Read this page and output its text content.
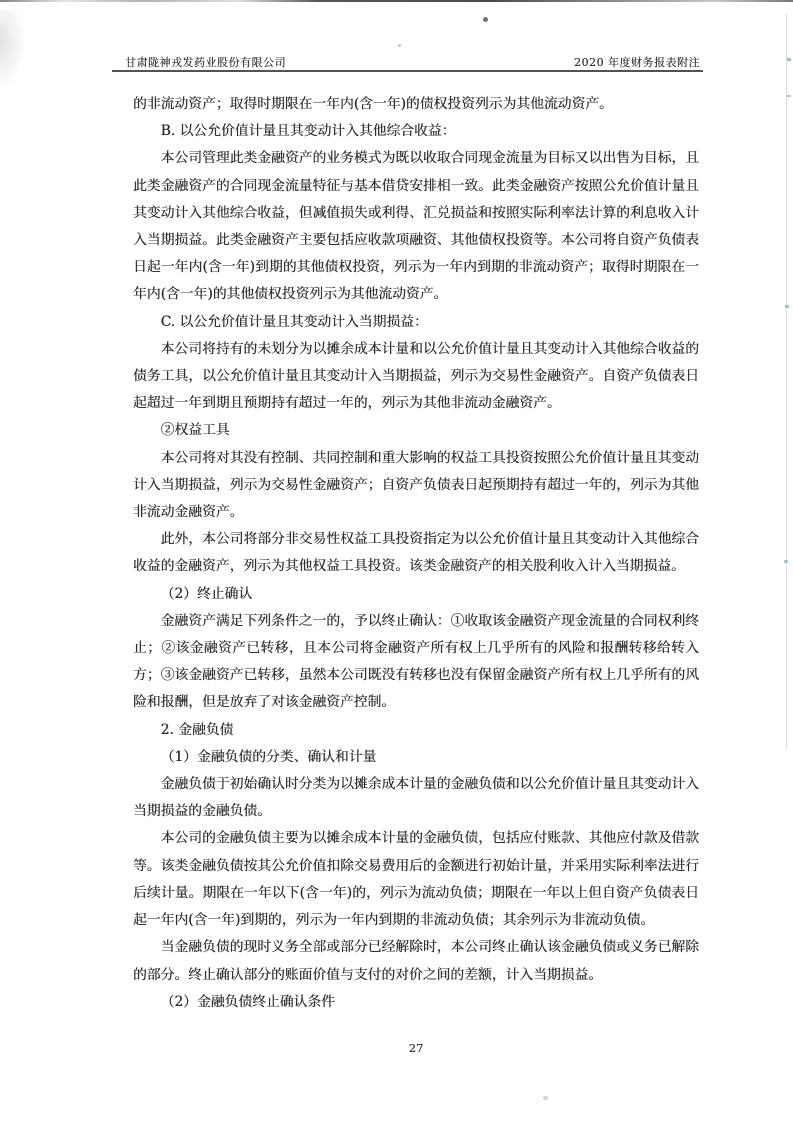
甘肃陇神戎发药业股份有限公司	2020 年度财务报表附注

的非流动资产；取得时期限在一年内(含一年)的债权投资列示为其他流动资产。

B. 以公允价值计量且其变动计入其他综合收益：

本公司管理此类金融资产的业务模式为既以收取合同现金流量为目标又以出售为目标，且此类金融资产的合同现金流量特征与基本借贷安排相一致。此类金融资产按照公允价值计量且其变动计入其他综合收益，但减值损失或利得、汇兑损益和按照实际利率法计算的利息收入计入当期损益。此类金融资产主要包括应收款项融资、其他债权投资等。本公司将自资产负债表日起一年内(含一年)到期的其他债权投资，列示为一年内到期的非流动资产；取得时期限在一年内(含一年)的其他债权投资列示为其他流动资产。

C. 以公允价值计量且其变动计入当期损益：

本公司将持有的未划分为以摊余成本计量和以公允价值计量且其变动计入其他综合收益的债务工具，以公允价值计量且其变动计入当期损益，列示为交易性金融资产。自资产负债表日起超过一年到期且预期持有超过一年的，列示为其他非流动金融资产。

②权益工具

本公司将对其没有控制、共同控制和重大影响的权益工具投资按照公允价值计量且其变动计入当期损益，列示为交易性金融资产；自资产负债表日起预期持有超过一年的，列示为其他非流动金融资产。

此外，本公司将部分非交易性权益工具投资指定为以公允价值计量且其变动计入其他综合收益的金融资产，列示为其他权益工具投资。该类金融资产的相关股利收入计入当期损益。

（2）终止确认

金融资产满足下列条件之一的，予以终止确认：①收取该金融资产现金流量的合同权利终止；②该金融资产已转移，且本公司将金融资产所有权上几乎所有的风险和报酬转移给转入方；③该金融资产已转移，虽然本公司既没有转移也没有保留金融资产所有权上几乎所有的风险和报酬，但是放弃了对该金融资产控制。

2. 金融负债

（1）金融负债的分类、确认和计量

金融负债于初始确认时分类为以摊余成本计量的金融负债和以公允价值计量且其变动计入当期损益的金融负债。

本公司的金融负债主要为以摊余成本计量的金融负债，包括应付账款、其他应付款及借款等。该类金融负债按其公允价值扣除交易费用后的金额进行初始计量，并采用实际利率法进行后续计量。期限在一年以下(含一年)的，列示为流动负债；期限在一年以上但自资产负债表日起一年内(含一年)到期的，列示为一年内到期的非流动负债；其余列示为非流动负债。

当金融负债的现时义务全部或部分已经解除时，本公司终止确认该金融负债或义务已解除的部分。终止确认部分的账面价值与支付的对价之间的差额，计入当期损益。

（2）金融负债终止确认条件

27
